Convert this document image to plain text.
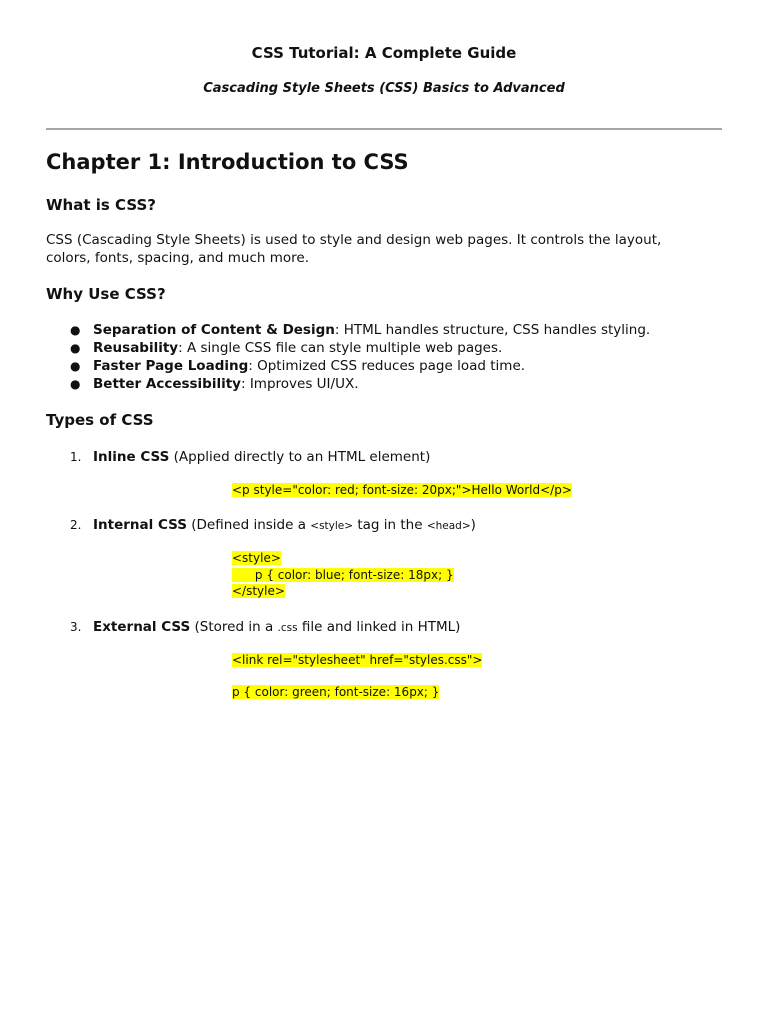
CSS Tutorial: A Complete Guide

Cascading Style Sheets (CSS) Basics to Advanced

Chapter 1: Introduction to CSS
What is CSS?

CSS (Cascading Style Sheets) is used to style and design web pages. It controls the layout,
colors, fonts, spacing, and much more.

Why Use CSS?
● Separation of Content & Design: HTML handles structure, CSS handles styling.
● Reusability: A single CSS file can style multiple web pages.
● Faster Page Loading: Optimized CSS reduces page load time.
● Better Accessibility: Improves UI/UX.
Types of CSS
1. Inline CSS (Applied directly to an HTML element)
<p style="color: red; font-size: 20px;">Hello World</p>
2. Internal CSS (Defined inside a <style> tag in the <head>)
<style>
p { color: blue; font-size: 18px; }
</style>
3. External CSS (Stored in a .css file and linked in HTML)
<link rel="stylesheet" href="styles.css">
p { color: green; font-size: 16px; }
